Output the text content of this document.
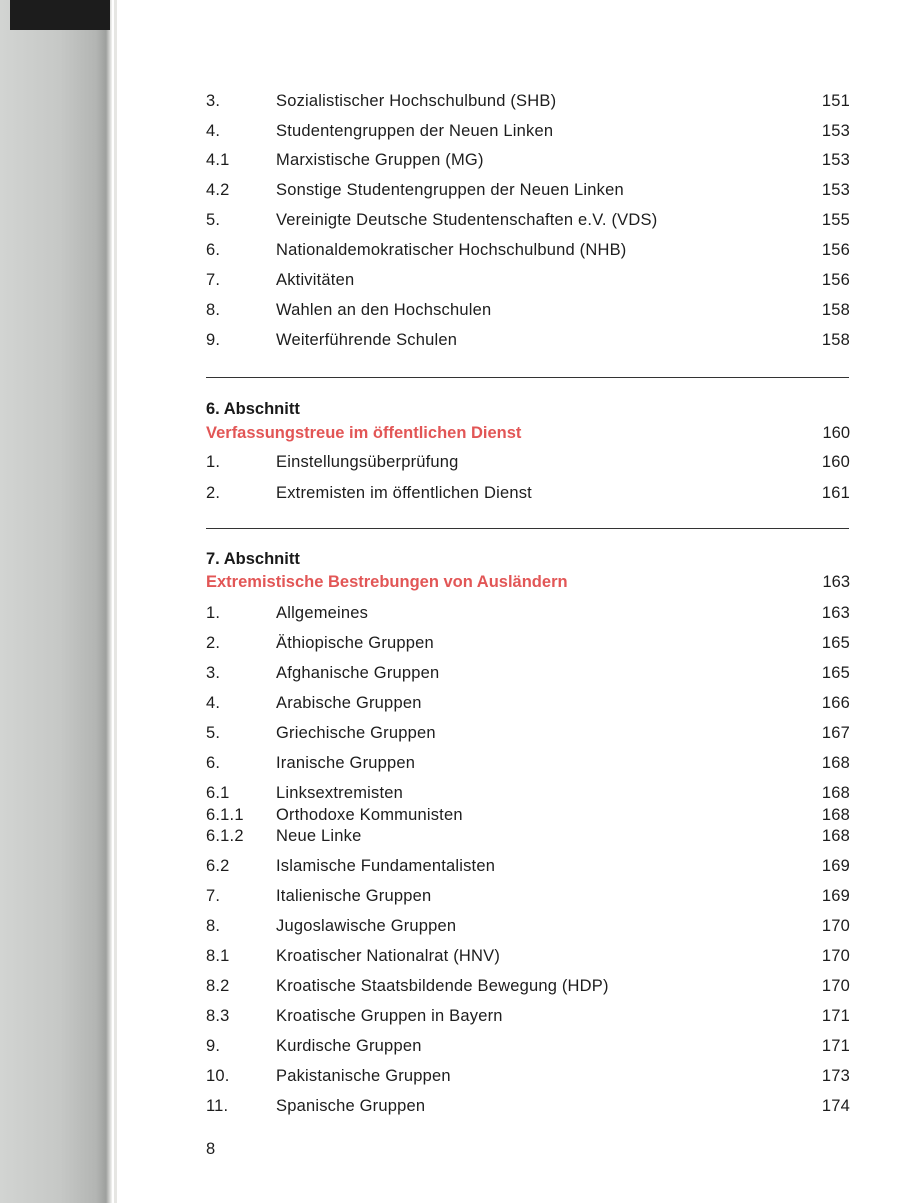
3.	Sozialistischer Hochschulbund (SHB)	151
4.	Studentengruppen der Neuen Linken	153
4.1	Marxistische Gruppen (MG)	153
4.2	Sonstige Studentengruppen der Neuen Linken	153
5.	Vereinigte Deutsche Studentenschaften e.V. (VDS)	155
6.	Nationaldemokratischer Hochschulbund (NHB)	156
7.	Aktivitäten	156
8.	Wahlen an den Hochschulen	158
9.	Weiterführende Schulen	158
6. Abschnitt
Verfassungstreue im öffentlichen Dienst	160
1.	Einstellungsüberprüfung	160
2.	Extremisten im öffentlichen Dienst	161
7. Abschnitt
Extremistische Bestrebungen von Ausländern	163
1.	Allgemeines	163
2.	Äthiopische Gruppen	165
3.	Afghanische Gruppen	165
4.	Arabische Gruppen	166
5.	Griechische Gruppen	167
6.	Iranische Gruppen	168
6.1	Linksextremisten	168
6.1.1 Orthodoxe Kommunisten	168
6.1.2 Neue Linke	168
6.2	Islamische Fundamentalisten	169
7.	Italienische Gruppen	169
8.	Jugoslawische Gruppen	170
8.1	Kroatischer Nationalrat (HNV)	170
8.2	Kroatische Staatsbildende Bewegung (HDP)	170
8.3	Kroatische Gruppen in Bayern	171
9.	Kurdische Gruppen	171
10.	Pakistanische Gruppen	173
11.	Spanische Gruppen	174
8
